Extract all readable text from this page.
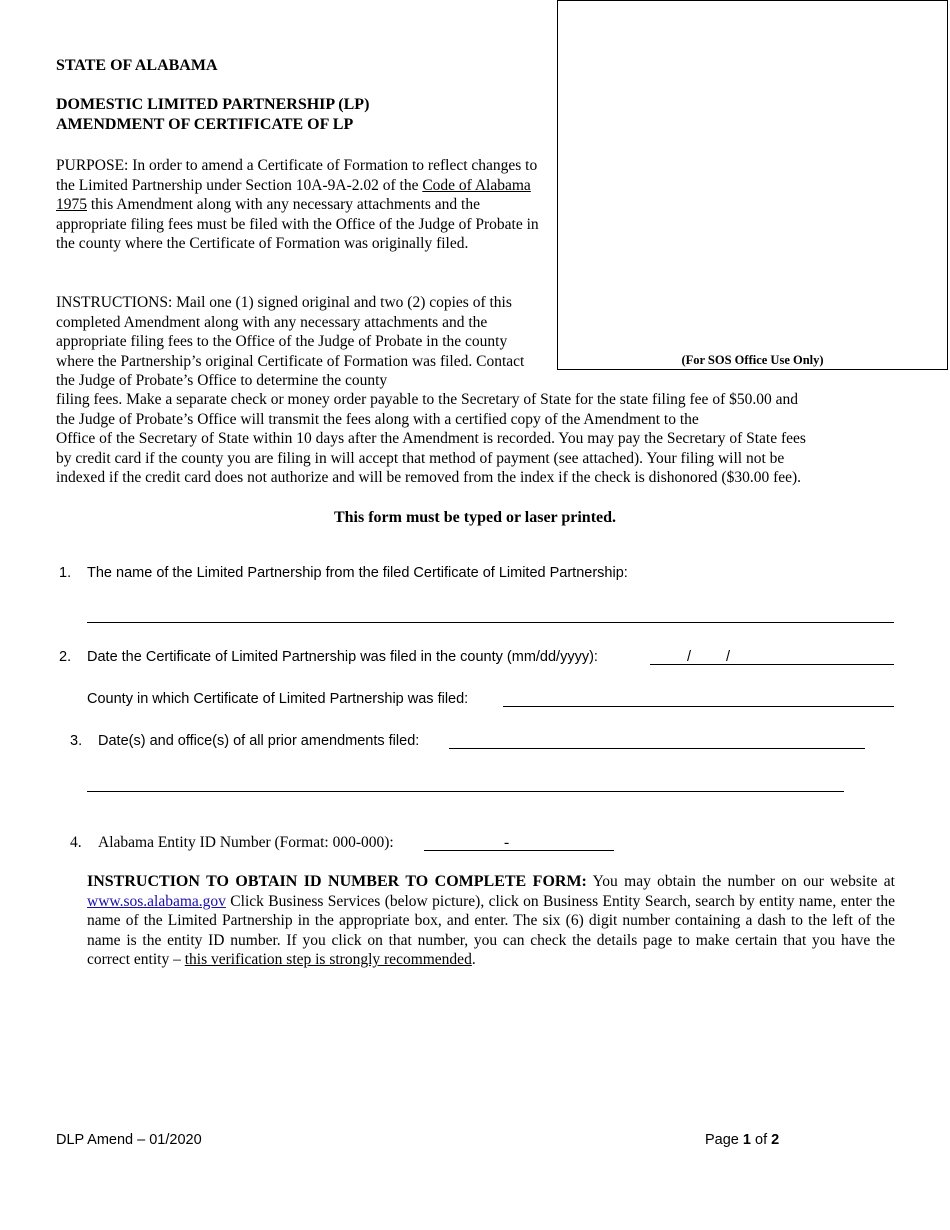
(For SOS Office Use Only)
STATE OF ALABAMA
DOMESTIC LIMITED PARTNERSHIP (LP)
AMENDMENT OF CERTIFICATE OF LP
PURPOSE: In order to amend a Certificate of Formation to reflect changes to the Limited Partnership under Section 10A-9A-2.02 of the Code of Alabama 1975 this Amendment along with any necessary attachments and the appropriate filing fees must be filed with the Office of the Judge of Probate in the county where the Certificate of Formation was originally filed.
INSTRUCTIONS: Mail one (1) signed original and two (2) copies of this completed Amendment along with any necessary attachments and the appropriate filing fees to the Office of the Judge of Probate in the county where the Partnership’s original Certificate of Formation was filed. Contact the Judge of Probate’s Office to determine the county
filing fees. Make a separate check or money order payable to the Secretary of State for the state filing fee of $50.00 and
the Judge of Probate’s Office will transmit the fees along with a certified copy of the Amendment to the
Office of the Secretary of State within 10 days after the Amendment is recorded. You may pay the Secretary of State fees
by credit card if the county you are filing in will accept that method of payment (see attached). Your filing will not be
indexed if the credit card does not authorize and will be removed from the index if the check is dishonored ($30.00 fee).
This form must be typed or laser printed.
1. The name of the Limited Partnership from the filed Certificate of Limited Partnership:
2. Date the Certificate of Limited Partnership was filed in the county (mm/dd/yyyy):	/ /
County in which Certificate of Limited Partnership was filed:
3. Date(s) and office(s) of all prior amendments filed:
4. Alabama Entity ID Number (Format: 000-000):	-
INSTRUCTION TO OBTAIN ID NUMBER TO COMPLETE FORM: You may obtain the number on our website at www.sos.alabama.gov Click Business Services (below picture), click on Business Entity Search, search by entity name, enter the name of the Limited Partnership in the appropriate box, and enter. The six (6) digit number containing a dash to the left of the name is the entity ID number. If you click on that number, you can check the details page to make certain that you have the correct entity – this verification step is strongly recommended.
DLP Amend – 01/2020	Page 1 of 2
